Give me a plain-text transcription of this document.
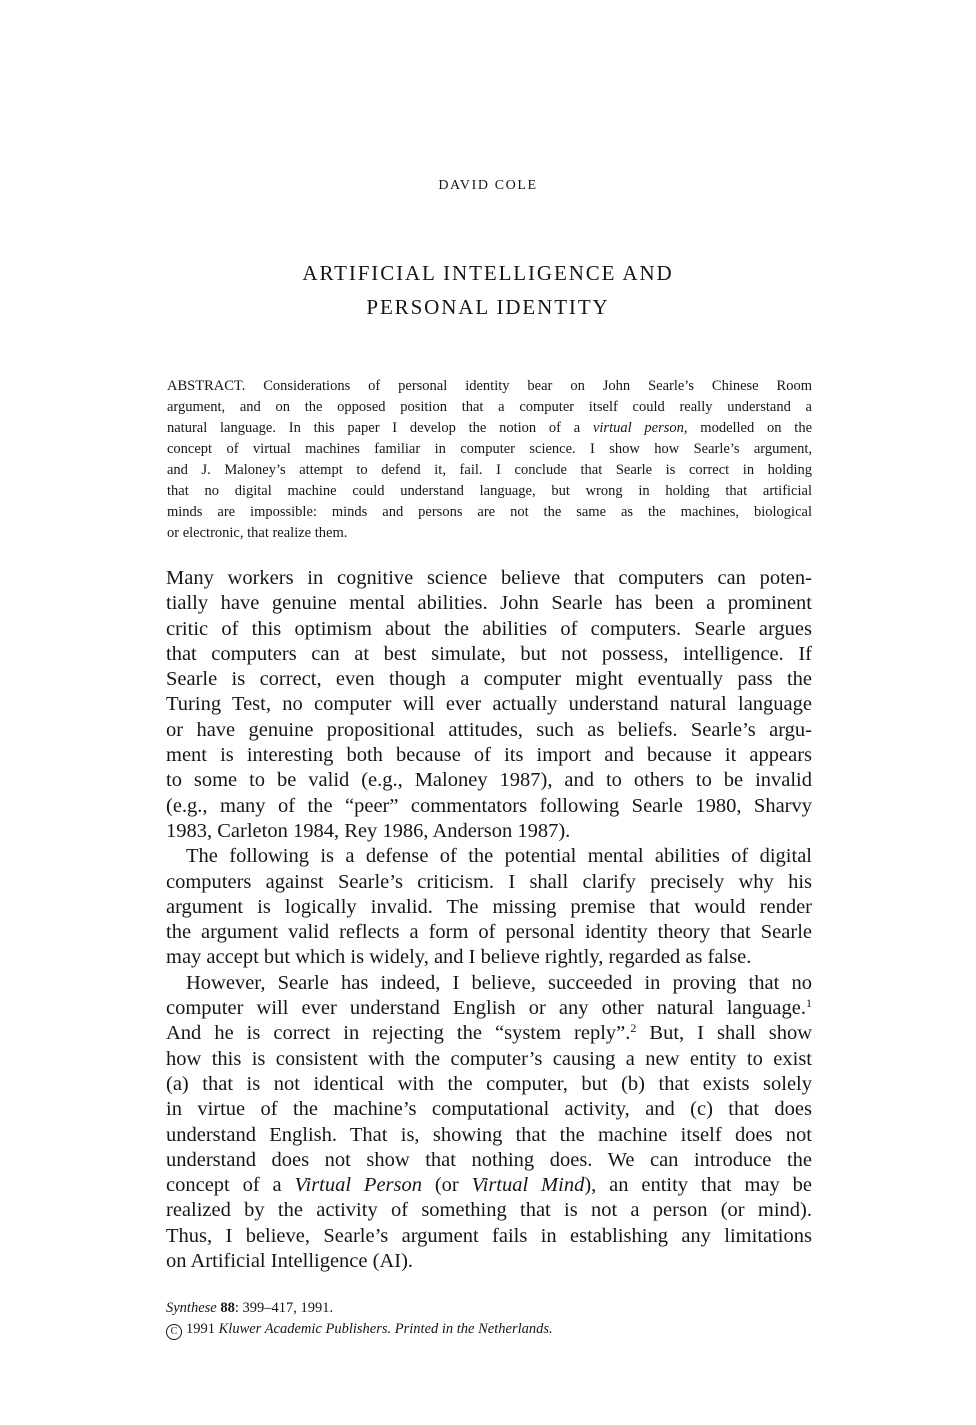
DAVID COLE
ARTIFICIAL INTELLIGENCE AND
PERSONAL IDENTITY
ABSTRACT. Considerations of personal identity bear on John Searle’s Chinese Room
argument, and on the opposed position that a computer itself could really understand a
natural language. In this paper I develop the notion of a virtual person, modelled on the
concept of virtual machines familiar in computer science. I show how Searle’s argument,
and J. Maloney’s attempt to defend it, fail. I conclude that Searle is correct in holding
that no digital machine could understand language, but wrong in holding that artificial
minds are impossible: minds and persons are not the same as the machines, biological
or electronic, that realize them.
Many workers in cognitive science believe that computers can poten-
tially have genuine mental abilities. John Searle has been a prominent
critic of this optimism about the abilities of computers. Searle argues
that computers can at best simulate, but not possess, intelligence. If
Searle is correct, even though a computer might eventually pass the
Turing Test, no computer will ever actually understand natural language
or have genuine propositional attitudes, such as beliefs. Searle’s argu-
ment is interesting both because of its import and because it appears
to some to be valid (e.g., Maloney 1987), and to others to be invalid
(e.g., many of the “peer” commentators following Searle 1980, Sharvy
1983, Carleton 1984, Rey 1986, Anderson 1987).
The following is a defense of the potential mental abilities of digital
computers against Searle’s criticism. I shall clarify precisely why his
argument is logically invalid. The missing premise that would render
the argument valid reflects a form of personal identity theory that Searle
may accept but which is widely, and I believe rightly, regarded as false.
However, Searle has indeed, I believe, succeeded in proving that no
computer will ever understand English or any other natural language.$^1$
And he is correct in rejecting the “system reply”.$^2$ But, I shall show
how this is consistent with the computer’s causing a new entity to exist
(a) that is not identical with the computer, but (b) that exists solely
in virtue of the machine’s computational activity, and (c) that does
understand English. That is, showing that the machine itself does not
understand does not show that nothing does. We can introduce the
concept of a Virtual Person (or Virtual Mind), an entity that may be
realized by the activity of something that is not a person (or mind).
Thus, I believe, Searle’s argument fails in establishing any limitations
on Artificial Intelligence (AI).
Synthese 88: 399–417, 1991.
C 1991 Kluwer Academic Publishers. Printed in the Netherlands.
